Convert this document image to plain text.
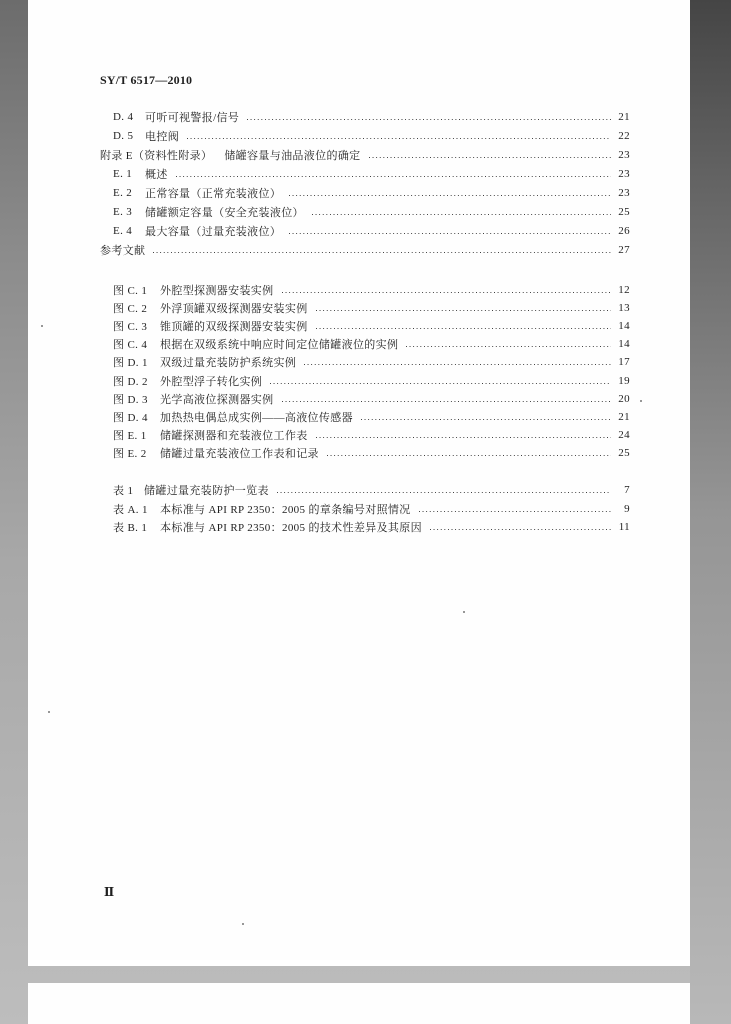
SY/T 6517—2010
D. 4	可听可视警报/信号	21
D. 5	电控阀	22
附录 E（资料性附录） 储罐容量与油品液位的确定	23
E. 1	概述	23
E. 2	正常容量（正常充装液位）	23
E. 3	储罐额定容量（安全充装液位）	25
E. 4	最大容量（过量充装液位）	26
参考文献	27
图 C. 1	外腔型探测器安装实例	12
图 C. 2	外浮顶罐双级探测器安装实例	13
图 C. 3	锥顶罐的双级探测器安装实例	14
图 C. 4	根据在双级系统中响应时间定位储罐液位的实例	14
图 D. 1	双级过量充装防护系统实例	17
图 D. 2	外腔型浮子转化实例	19
图 D. 3	光学高液位探测器实例	20
图 D. 4	加热热电偶总成实例——高液位传感器	21
图 E. 1	储罐探测器和充装液位工作表	24
图 E. 2	储罐过量充装液位工作表和记录	25
表 1 储罐过量充装防护一览表	7
表 A. 1	本标准与 API RP 2350：2005 的章条编号对照情况	9
表 B. 1	本标准与 API RP 2350：2005 的技术性差异及其原因	11
Ⅱ
